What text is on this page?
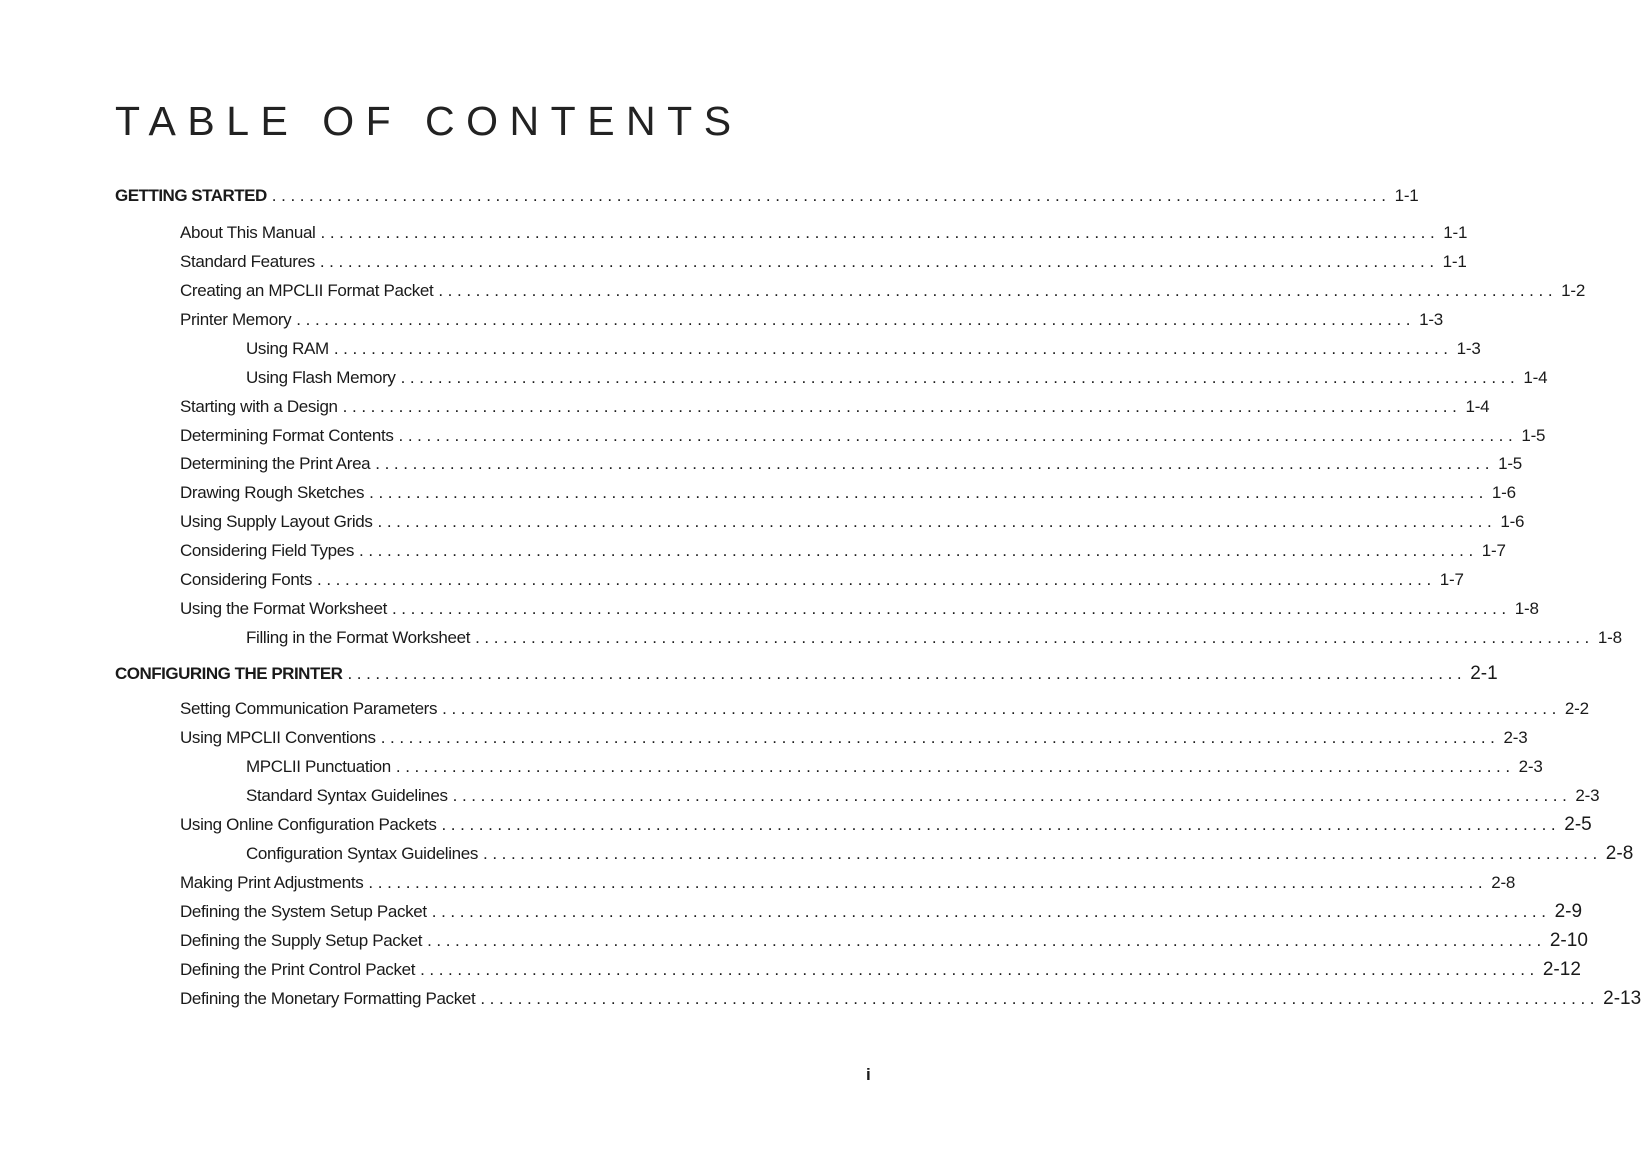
TABLE OF CONTENTS
GETTING STARTED ........................................................................................................................ 1-1
About This Manual ........................................................................................................................ 1-1
Standard Features ........................................................................................................................ 1-1
Creating an MPCLII Format Packet ........................................................................................................................ 1-2
Printer Memory ........................................................................................................................ 1-3
Using RAM ........................................................................................................................ 1-3
Using Flash Memory ........................................................................................................................ 1-4
Starting with a Design ........................................................................................................................ 1-4
Determining Format Contents ........................................................................................................................ 1-5
Determining the Print Area ........................................................................................................................ 1-5
Drawing Rough Sketches ........................................................................................................................ 1-6
Using Supply Layout Grids ........................................................................................................................ 1-6
Considering Field Types ........................................................................................................................ 1-7
Considering Fonts ........................................................................................................................ 1-7
Using the Format Worksheet ........................................................................................................................ 1-8
Filling in the Format Worksheet ........................................................................................................................ 1-8
CONFIGURING THE PRINTER ........................................................................................................................ 2-1
Setting Communication Parameters ........................................................................................................................ 2-2
Using MPCLII Conventions ........................................................................................................................ 2-3
MPCLII Punctuation ........................................................................................................................ 2-3
Standard Syntax Guidelines ........................................................................................................................ 2-3
Using Online Configuration Packets ........................................................................................................................ 2-5
Configuration Syntax Guidelines ........................................................................................................................ 2-8
Making Print Adjustments ........................................................................................................................ 2-8
Defining the System Setup Packet ........................................................................................................................ 2-9
Defining the Supply Setup Packet ........................................................................................................................ 2-10
Defining the Print Control Packet ........................................................................................................................ 2-12
Defining the Monetary Formatting Packet ........................................................................................................................ 2-13
i
